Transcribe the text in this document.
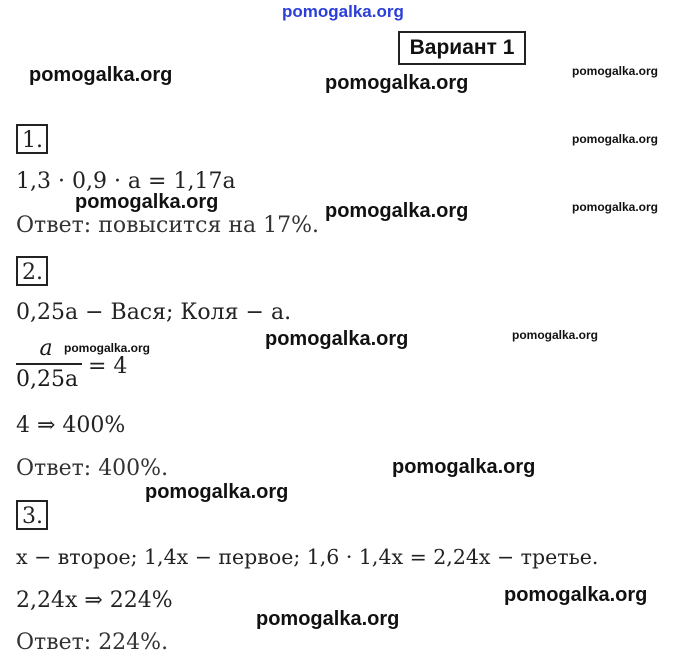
pomogalka.org
Вариант 1
pomogalka.org	pomogalka.org
pomogalka.org
pomogalka.org
pomogalka.org
pomogalka.org
pomogalka.org
pomogalka.org
pomogalka.org
pomogalka.org
pomogalka.org
pomogalka.org
1.
1,3 · 0,9 · a = 1,17a
pomogalka.org
Ответ: повысится на 17%.
2.
0,25a − Вася; Коля − a.
a
0,25a
pomogalka.org
= 4
4 ⇒ 400%
Ответ: 400%.
3.
x − второе; 1,4x − первое; 1,6 · 1,4x = 2,24x − третье.
2,24x ⇒ 224%
Ответ: 224%.
